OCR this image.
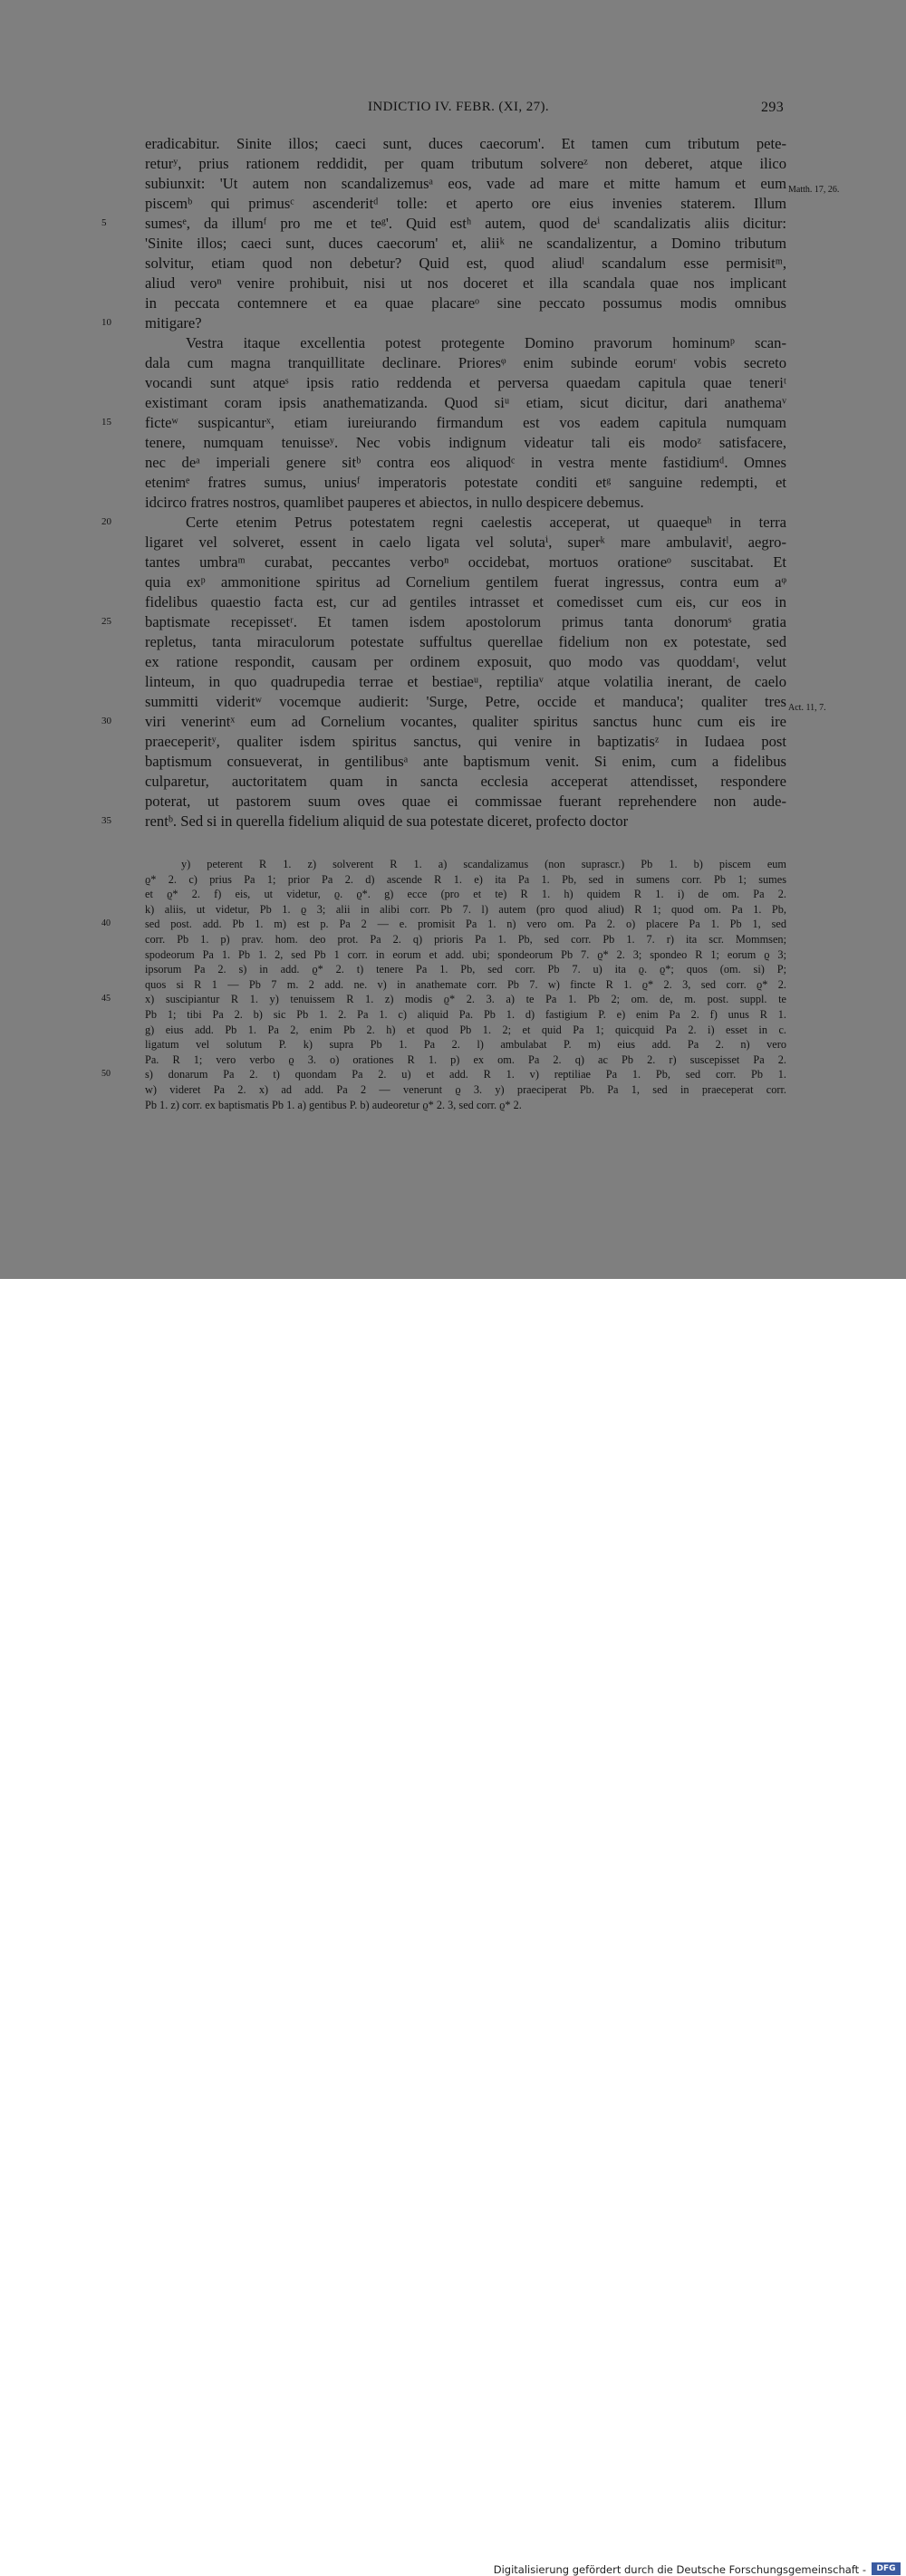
INDICTIO IV. FEBR. (XI, 27).	293
eradicabitur. Sinite illos; caeci sunt, duces caecorum'. Et tamen cum tributum pete-
returʸ, prius rationem reddidit, per quam tributum solvereᶻ non deberet, atque ilico
subiunxit: 'Ut autem non scandalizemusᵃ eos, vade ad mare et mitte hamum et eum
piscemᵇ qui primusᶜ ascenderitᵈ tolle: et aperto ore eius invenies staterem. Illum
sumesᵉ, da illumᶠ pro me et teᵍ'. Quid estʰ autem, quod deⁱ scandalizatis aliis dicitur:
'Sinite illos; caeci sunt, duces caecorum' et, aliiᵏ ne scandalizentur, a Domino tributum
solvitur, etiam quod non debetur? Quid est, quod aliudˡ scandalum esse permisitᵐ,
aliud veroⁿ venire prohibuit, nisi ut nos doceret et illa scandala quae nos implicant
in peccata contemnere et ea quae placareᵒ sine peccato possumus modis omnibus
mitigare?
Vestra itaque excellentia potest protegente Domino pravorum hominumᵖ scan-
dala cum magna tranquillitate declinare. Prioresᵠ enim subinde eorumʳ vobis secreto
vocandi sunt atqueˢ ipsis ratio reddenda et perversa quaedam capitula quae teneriᵗ
existimant coram ipsis anathematizanda. Quod siᵘ etiam, sicut dicitur, dari anathemaᵛ
ficteʷ suspicanturˣ, etiam iureiurando firmandum est vos eadem capitula numquam
tenere, numquam tenuisseʸ. Nec vobis indignum videatur tali eis modoᶻ satisfacere,
nec deᵃ imperiali genere sitᵇ contra eos aliquodᶜ in vestra mente fastidiumᵈ. Omnes
etenimᵉ fratres sumus, uniusᶠ imperatoris potestate conditi etᵍ sanguine redempti, et
idcirco fratres nostros, quamlibet pauperes et abiectos, in nullo despicere debemus.
Certe etenim Petrus potestatem regni caelestis acceperat, ut quaequeʰ in terra
ligaret vel solveret, essent in caelo ligata vel solutaⁱ, superᵏ mare ambulavitˡ, aegro-
tantes umbraᵐ curabat, peccantes verboⁿ occidebat, mortuos orationeᵒ suscitabat. Et
quia exᵖ ammonitione spiritus ad Cornelium gentilem fuerat ingressus, contra eum aᵠ
fidelibus quaestio facta est, cur ad gentiles intrasset et comedisset cum eis, cur eos in
baptismate recepissetʳ. Et tamen isdem apostolorum primus tanta donorumˢ gratia
repletus, tanta miraculorum potestate suffultus querellae fidelium non ex potestate, sed
ex ratione respondit, causam per ordinem exposuit, quo modo vas quoddamᵗ, velut
linteum, in quo quadrupedia terrae et bestiaeᵘ, reptiliaᵛ atque volatilia inerant, de caelo
summitti videritʷ vocemque audierit: 'Surge, Petre, occide et manduca'; qualiter tres
viri venerintˣ eum ad Cornelium vocantes, qualiter spiritus sanctus hunc cum eis ire
praeceperitʸ, qualiter isdem spiritus sanctus, qui venire in baptizatisᶻ in Iudaea post
baptismum consueverat, in gentilibusᵃ ante baptismum venit. Si enim, cum a fidelibus
culparetur, auctoritatem quam in sancta ecclesia acceperat attendisset, respondere
poterat, ut pastorem suum oves quae ei commissae fuerant reprehendere non aude-
rentᵇ. Sed si in querella fidelium aliquid de sua potestate diceret, profecto doctor
5
10
15
20
25
30
35
Matth. 17, 26.
Act. 11, 7.
y) peterent R 1. z) solverent R 1. a) scandalizamus (non suprascr.) Pb 1. b) piscem eum
ϱ* 2. c) prius Pa 1; prior Pa 2. d) ascende R 1. e) ita Pa 1. Pb, sed in sumens corr. Pb 1; sumes
et ϱ* 2. f) eis, ut videtur, ϱ. ϱ*. g) ecce (pro et te) R 1. h) quidem R 1. i) de om. Pa 2.
k) aliis, ut videtur, Pb 1. ϱ 3; alii in alibi corr. Pb 7. l) autem (pro quod aliud) R 1; quod om. Pa 1. Pb,
sed post. add. Pb 1. m) est p. Pa 2 — e. promisit Pa 1. n) vero om. Pa 2. o) placere Pa 1. Pb 1, sed
corr. Pb 1. p) prav. hom. deo prot. Pa 2. q) prioris Pa 1. Pb, sed corr. Pb 1. 7. r) ita scr. Mommsen;
spodeorum Pa 1. Pb 1. 2, sed Pb 1 corr. in eorum et add. ubi; spondeorum Pb 7. ϱ* 2. 3; spondeo R 1; eorum ϱ 3;
ipsorum Pa 2. s) in add. ϱ* 2. t) tenere Pa 1. Pb, sed corr. Pb 7. u) ita ϱ. ϱ*; quos (om. si) P;
quos si R 1 — Pb 7 m. 2 add. ne. v) in anathemate corr. Pb 7. w) fincte R 1. ϱ* 2. 3, sed corr. ϱ* 2.
x) suscipiantur R 1. y) tenuissem R 1. z) modis ϱ* 2. 3. a) te Pa 1. Pb 2; om. de, m. post. suppl. te
Pb 1; tibi Pa 2. b) sic Pb 1. 2. Pa 1. c) aliquid Pa. Pb 1. d) fastigium P. e) enim Pa 2. f) unus R 1.
g) eius add. Pb 1. Pa 2, enim Pb 2. h) et quod Pb 1. 2; et quid Pa 1; quicquid Pa 2. i) esset in c.
ligatum vel solutum P. k) supra Pb 1. Pa 2. l) ambulabat P. m) eius add. Pa 2. n) vero
Pa. R 1; vero verbo ϱ 3. o) orationes R 1. p) ex om. Pa 2. q) ac Pb 2. r) suscepisset Pa 2.
s) donarum Pa 2. t) quondam Pa 2. u) et add. R 1. v) reptiliae Pa 1. Pb, sed corr. Pb 1.
w) videret Pa 2. x) ad add. Pa 2 — venerunt ϱ 3. y) praeciperat Pb. Pa 1, sed in praeceperat corr.
Pb 1. z) corr. ex baptismatis Pb 1. a) gentibus P. b) audeoretur ϱ* 2. 3, sed corr. ϱ* 2.
40
45
50
Digitalisierung gefördert durch die Deutsche Forschungsgemeinschaft -	DFG
